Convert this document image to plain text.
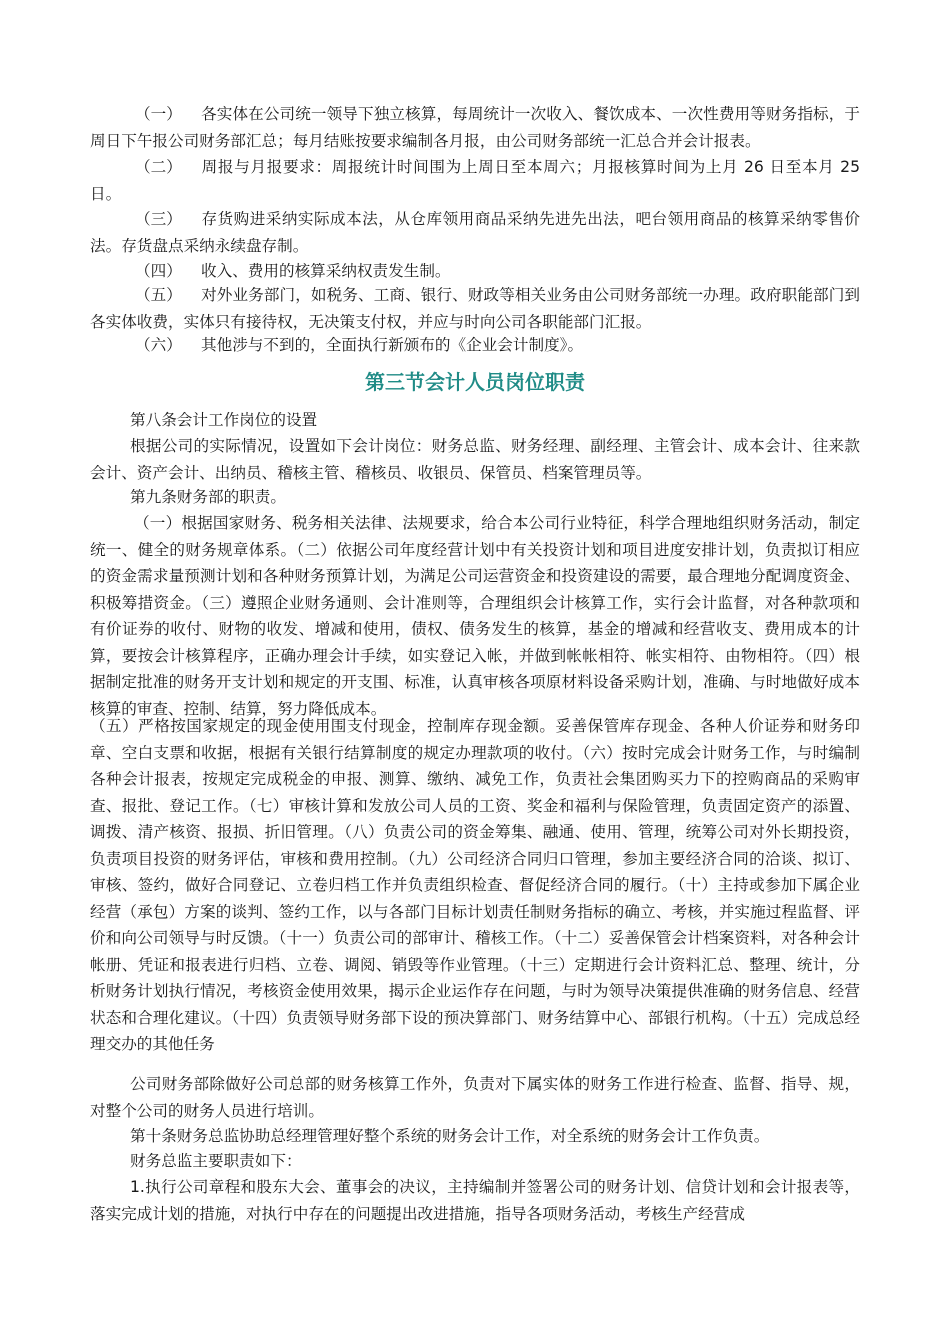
（一） 各实体在公司统一领导下独立核算，每周统计一次收入、餐饮成本、一次性费用等财务指标，于周日下午报公司财务部汇总；每月结账按要求编制各月报，由公司财务部统一汇总合并会计报表。

（二） 周报与月报要求：周报统计时间围为上周日至本周六；月报核算时间为上月 26 日至本月 25 日。

（三） 存货购进采纳实际成本法，从仓库领用商品采纳先进先出法，吧台领用商品的核算采纳零售价法。存货盘点采纳永续盘存制。

（四） 收入、费用的核算采纳权责发生制。

（五） 对外业务部门，如税务、工商、银行、财政等相关业务由公司财务部统一办理。政府职能部门到各实体收费，实体只有接待权，无决策支付权，并应与时向公司各职能部门汇报。

（六） 其他涉与不到的，全面执行新颁布的《企业会计制度》。

第三节会计人员岗位职责

第八条会计工作岗位的设置

根据公司的实际情况，设置如下会计岗位：财务总监、财务经理、副经理、主管会计、成本会计、往来款会计、资产会计、出纳员、稽核主管、稽核员、收银员、保管员、档案管理员等。

第九条财务部的职责。

（一）根据国家财务、税务相关法律、法规要求，给合本公司行业特征，科学合理地组织财务活动，制定统一、健全的财务规章体系。（二）依据公司年度经营计划中有关投资计划和项目进度安排计划，负责拟订相应的资金需求量预测计划和各种财务预算计划，为满足公司运营资金和投资建设的需要，最合理地分配调度资金、积极筹措资金。（三）遵照企业财务通则、会计准则等，合理组织会计核算工作，实行会计监督，对各种款项和有价证券的收付、财物的收发、增减和使用，债权、债务发生的核算，基金的增减和经营收支、费用成本的计算，要按会计核算程序，正确办理会计手续，如实登记入帐，并做到帐帐相符、帐实相符、由物相符。（四）根据制定批准的财务开支计划和规定的开支围、标准，认真审核各项原材料设备采购计划，准确、与时地做好成本核算的审查、控制、结算，努力降低成本。

（五）严格按国家规定的现金使用围支付现金，控制库存现金额。妥善保管库存现金、各种人价证券和财务印章、空白支票和收据，根据有关银行结算制度的规定办理款项的收付。（六）按时完成会计财务工作，与时编制各种会计报表，按规定完成税金的申报、测算、缴纳、减免工作，负责社会集团购买力下的控购商品的采购审查、报批、登记工作。（七）审核计算和发放公司人员的工资、奖金和福利与保险管理，负责固定资产的添置、调拨、清产核资、报损、折旧管理。（八）负责公司的资金筹集、融通、使用、管理，统筹公司对外长期投资，负责项目投资的财务评估，审核和费用控制。（九）公司经济合同归口管理，参加主要经济合同的洽谈、拟订、审核、签约，做好合同登记、立卷归档工作并负责组织检查、督促经济合同的履行。（十）主持或参加下属企业经营（承包）方案的谈判、签约工作，以与各部门目标计划责任制财务指标的确立、考核，并实施过程监督、评价和向公司领导与时反馈。（十一）负责公司的部审计、稽核工作。（十二）妥善保管会计档案资料，对各种会计帐册、凭证和报表进行归档、立卷、调阅、销毁等作业管理。（十三）定期进行会计资料汇总、整理、统计，分析财务计划执行情况，考核资金使用效果，揭示企业运作存在问题，与时为领导决策提供准确的财务信息、经营状态和合理化建议。（十四）负责领导财务部下设的预决算部门、财务结算中心、部银行机构。（十五）完成总经理交办的其他任务

公司财务部除做好公司总部的财务核算工作外，负责对下属实体的财务工作进行检查、监督、指导、规，对整个公司的财务人员进行培训。

第十条财务总监协助总经理管理好整个系统的财务会计工作，对全系统的财务会计工作负责。

财务总监主要职责如下：

1.执行公司章程和股东大会、董事会的决议，主持编制并签署公司的财务计划、信贷计划和会计报表等，落实完成计划的措施，对执行中存在的问题提出改进措施，指导各项财务活动，考核生产经营成
